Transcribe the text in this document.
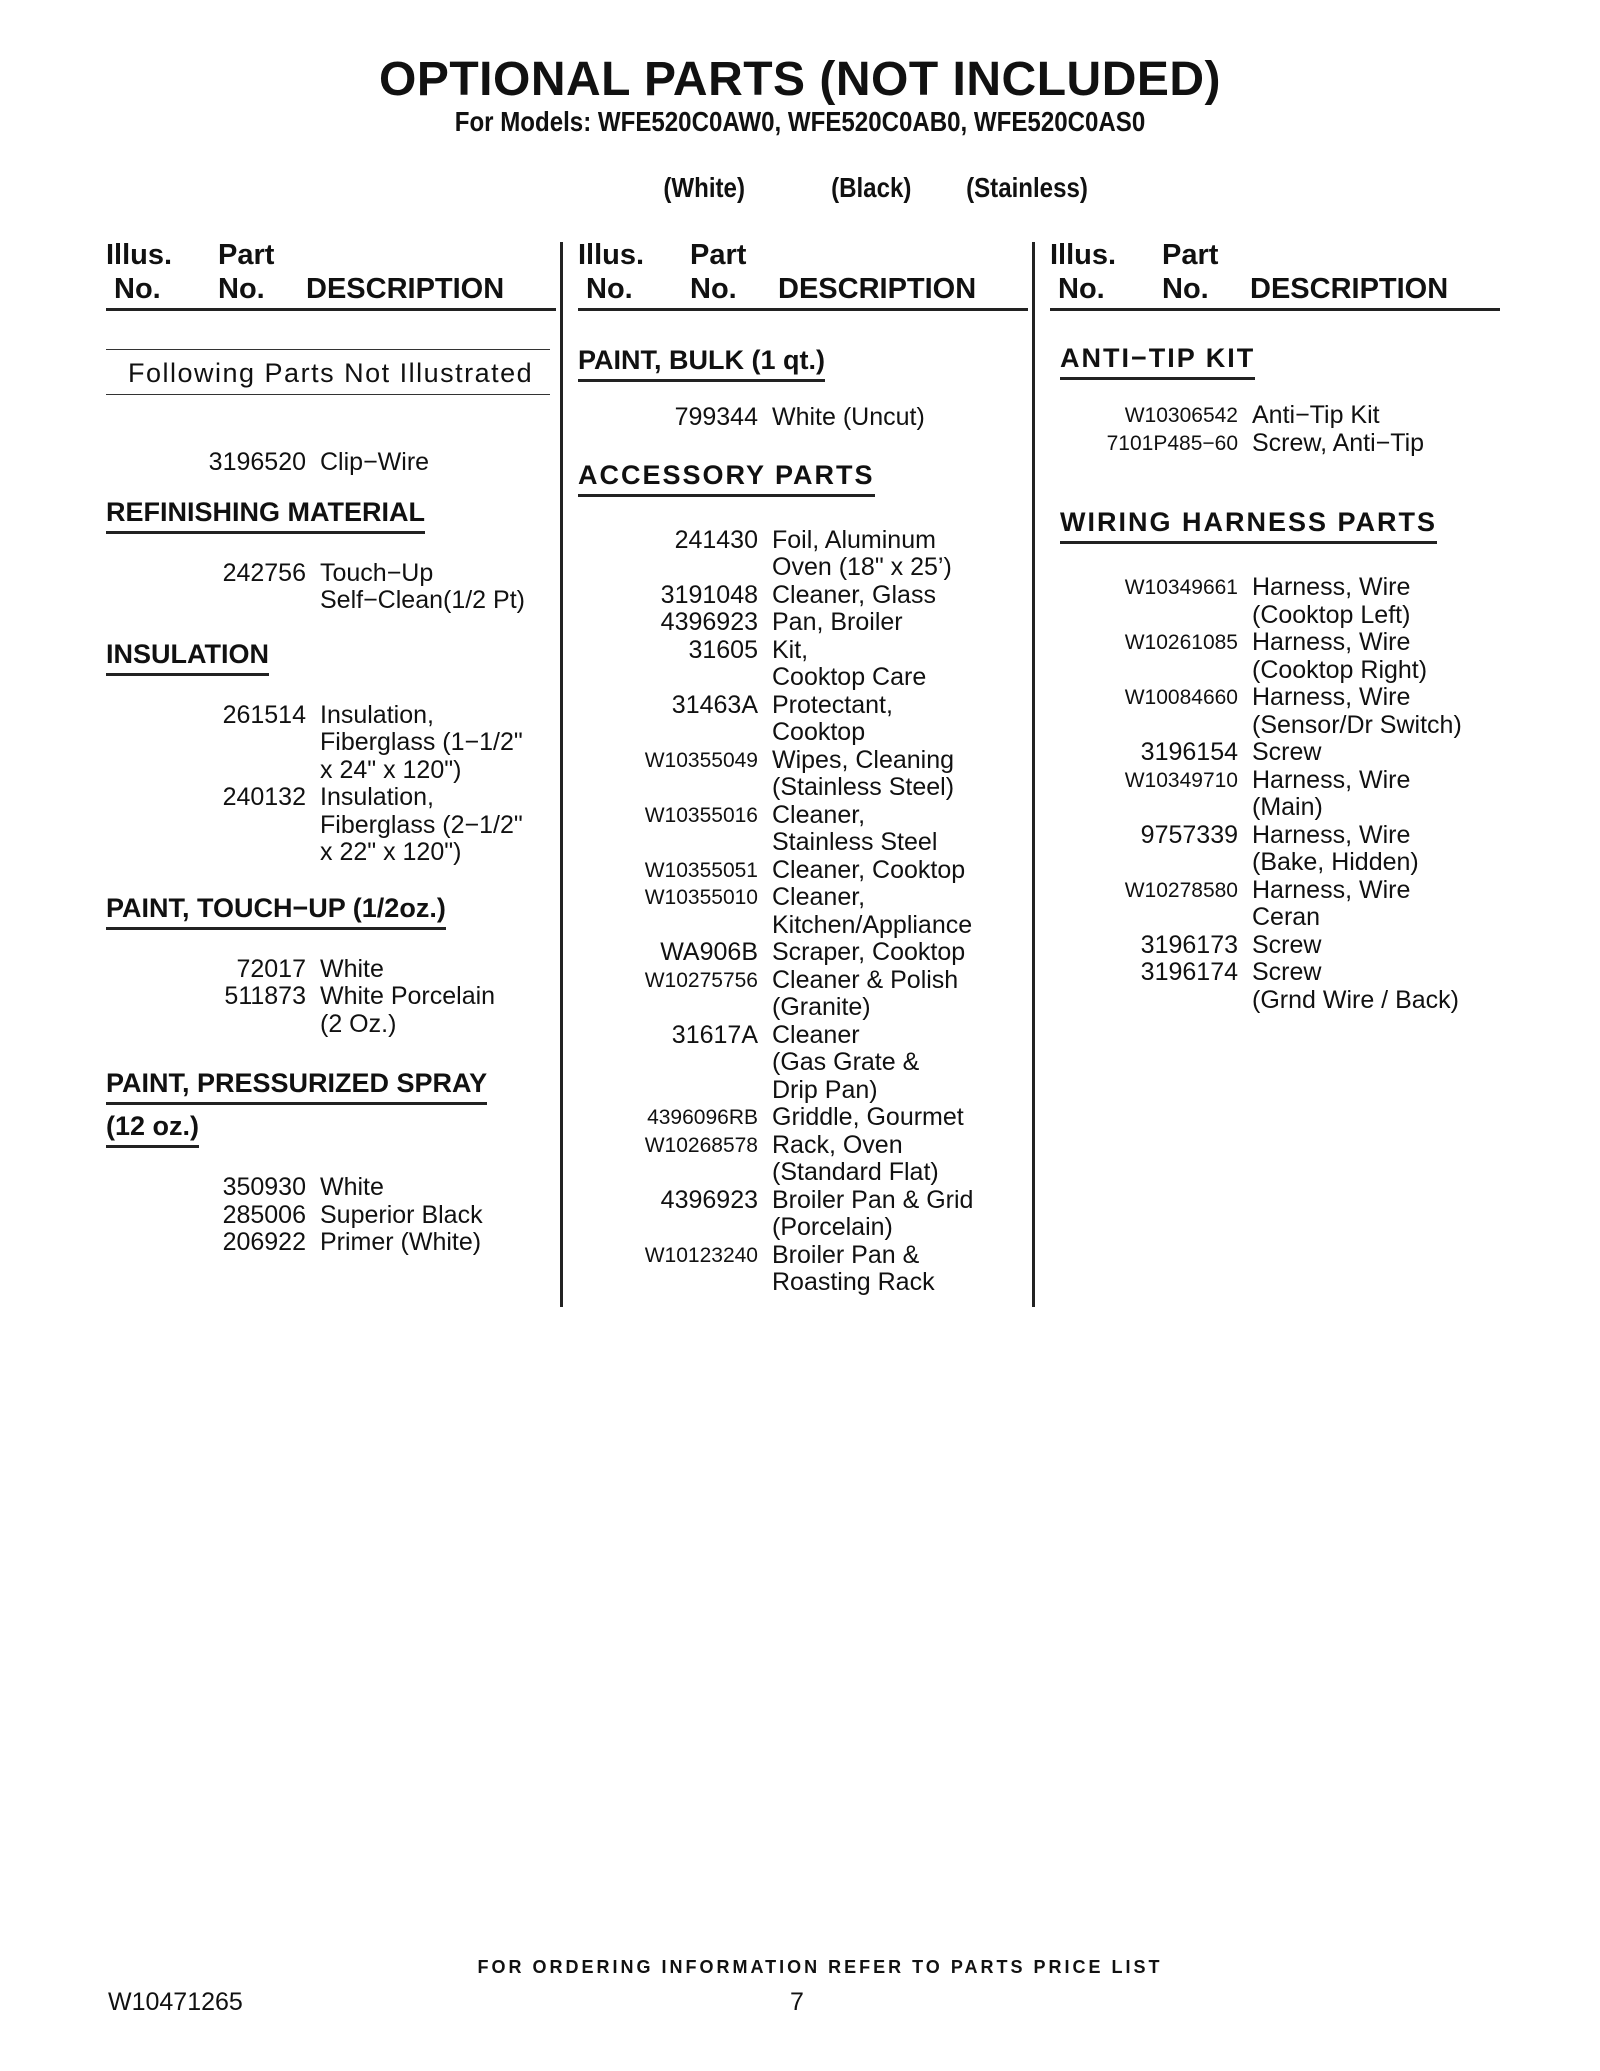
OPTIONAL PARTS (NOT INCLUDED)
For Models: WFE520C0AW0, WFE520C0AB0, WFE520C0AS0

(White)	(Black) (Stainless)

Illus.
No.
Part
No. DESCRIPTION
Following Parts Not Illustrated
3196520 Clip−Wire
REFINISHING MATERIAL
242756 Touch−Up
Self−Clean(1/2 Pt)
INSULATION
261514 Insulation,
Fiberglass (1−1/2"
x 24" x 120")
240132 Insulation,
Fiberglass (2−1/2"
x 22" x 120")
PAINT, TOUCH−UP (1/2oz.)
72017 White
511873 White Porcelain
(2 Oz.)
PAINT, PRESSURIZED SPRAY
(12 oz.)
350930 White
285006 Superior Black
206922 Primer (White)
Illus.
No.
Part
No. DESCRIPTION
PAINT, BULK (1 qt.)
799344 White (Uncut)
ACCESSORY PARTS
241430 Foil, Aluminum
Oven (18" x 25’)
3191048 Cleaner, Glass
4396923 Pan, Broiler
31605 Kit,
Cooktop Care
31463A Protectant,
Cooktop
W10355049 Wipes, Cleaning
(Stainless Steel)
W10355016 Cleaner,
Stainless Steel
W10355051 Cleaner, Cooktop
W10355010 Cleaner,
Kitchen/Appliance
WA906B Scraper, Cooktop
W10275756 Cleaner & Polish
(Granite)
31617A Cleaner
(Gas Grate &
Drip Pan)
4396096RB Griddle, Gourmet
W10268578 Rack, Oven
(Standard Flat)
4396923 Broiler Pan & Grid
(Porcelain)
W10123240 Broiler Pan &
Roasting Rack
Illus.
No.
Part
No. DESCRIPTION
ANTI−TIP KIT
W10306542 Anti−Tip Kit
7101P485−60 Screw, Anti−Tip
WIRING HARNESS PARTS
W10349661 Harness, Wire
(Cooktop Left)
W10261085 Harness, Wire
(Cooktop Right)
W10084660 Harness, Wire
(Sensor/Dr Switch)
3196154 Screw
W10349710 Harness, Wire
(Main)
9757339 Harness, Wire
(Bake, Hidden)
W10278580 Harness, Wire
Ceran
3196173 Screw
3196174 Screw
(Grnd Wire / Back)
FOR ORDERING INFORMATION REFER TO PARTS PRICE LIST
W10471265	7
